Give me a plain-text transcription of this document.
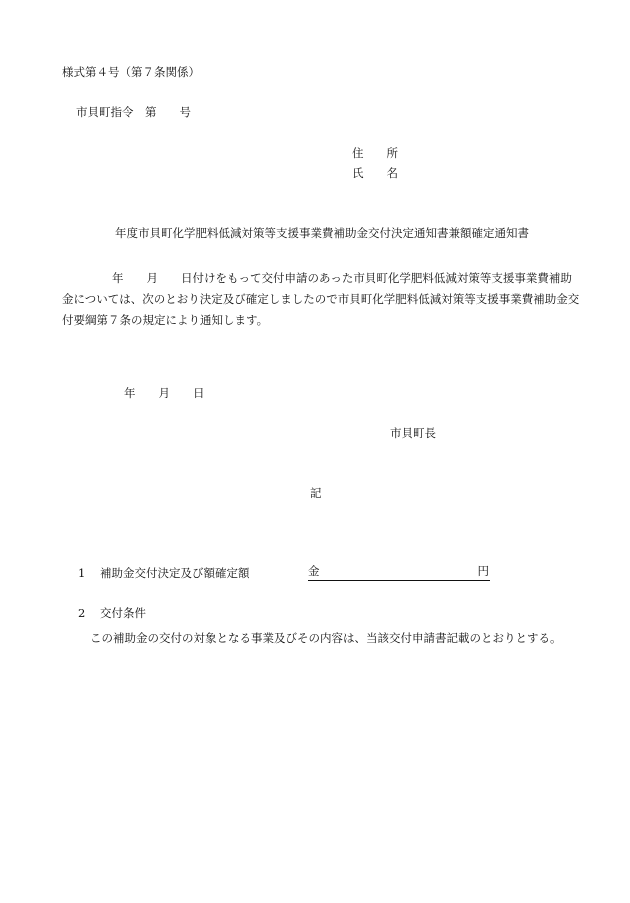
様式第４号（第７条関係）
市貝町指令　第　　号
住　　所
氏　　名
年度市貝町化学肥料低減対策等支援事業費補助金交付決定通知書兼額確定通知書
年　　月　　日付けをもって交付申請のあった市貝町化学肥料低減対策等支援事業費補助金については、次のとおり決定及び確定しましたので市貝町化学肥料低減対策等支援事業費補助金交付要綱第７条の規定により通知します。
年　　月　　日
市貝町長
記
1 補助金交付決定及び額確定額	金	円
2 交付条件
この補助金の交付の対象となる事業及びその内容は、当該交付申請書記載のとおりとする。
